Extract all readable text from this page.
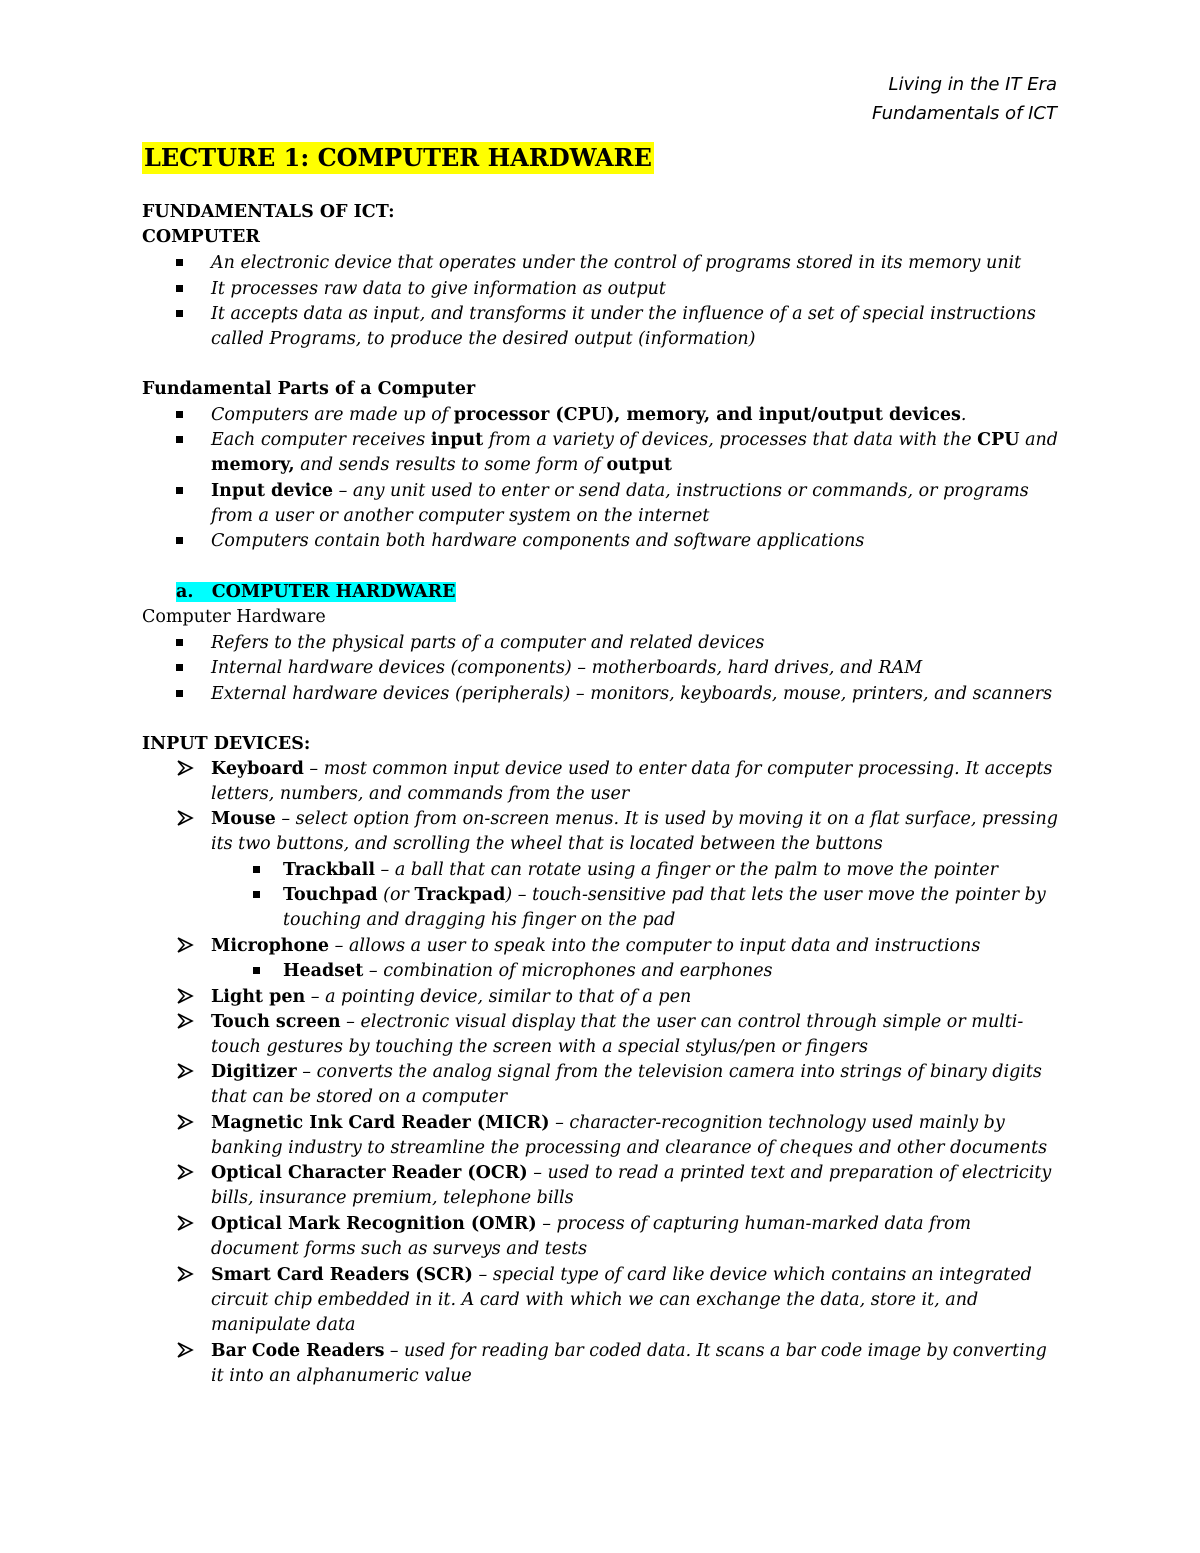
Living in the IT Era
Fundamentals of ICT
LECTURE 1: COMPUTER HARDWARE
FUNDAMENTALS OF ICT:
COMPUTER
An electronic device that operates under the control of programs stored in its memory unit
It processes raw data to give information as output
It accepts data as input, and transforms it under the influence of a set of special instructions
called Programs, to produce the desired output (information)
Fundamental Parts of a Computer
Computers are made up of processor (CPU), memory, and input/output devices.
Each computer receives input from a variety of devices, processes that data with the CPU and
memory, and sends results to some form of output
Input device – any unit used to enter or send data, instructions or commands, or programs
from a user or another computer system on the internet
Computers contain both hardware components and software applications
a. COMPUTER HARDWARE
Computer Hardware
Refers to the physical parts of a computer and related devices
Internal hardware devices (components) – motherboards, hard drives, and RAM
External hardware devices (peripherals) – monitors, keyboards, mouse, printers, and scanners
INPUT DEVICES:
Keyboard – most common input device used to enter data for computer processing. It accepts
letters, numbers, and commands from the user
Mouse – select option from on-screen menus. It is used by moving it on a flat surface, pressing
its two buttons, and scrolling the wheel that is located between the buttons
Trackball – a ball that can rotate using a finger or the palm to move the pointer
Touchpad (or Trackpad) – touch-sensitive pad that lets the user move the pointer by
touching and dragging his finger on the pad
Microphone – allows a user to speak into the computer to input data and instructions
Headset – combination of microphones and earphones
Light pen – a pointing device, similar to that of a pen
Touch screen – electronic visual display that the user can control through simple or multi-
touch gestures by touching the screen with a special stylus/pen or fingers
Digitizer – converts the analog signal from the television camera into strings of binary digits
that can be stored on a computer
Magnetic Ink Card Reader (MICR) – character-recognition technology used mainly by
banking industry to streamline the processing and clearance of cheques and other documents
Optical Character Reader (OCR) – used to read a printed text and preparation of electricity
bills, insurance premium, telephone bills
Optical Mark Recognition (OMR) – process of capturing human-marked data from
document forms such as surveys and tests
Smart Card Readers (SCR) – special type of card like device which contains an integrated
circuit chip embedded in it. A card with which we can exchange the data, store it, and
manipulate data
Bar Code Readers – used for reading bar coded data. It scans a bar code image by converting
it into an alphanumeric value
